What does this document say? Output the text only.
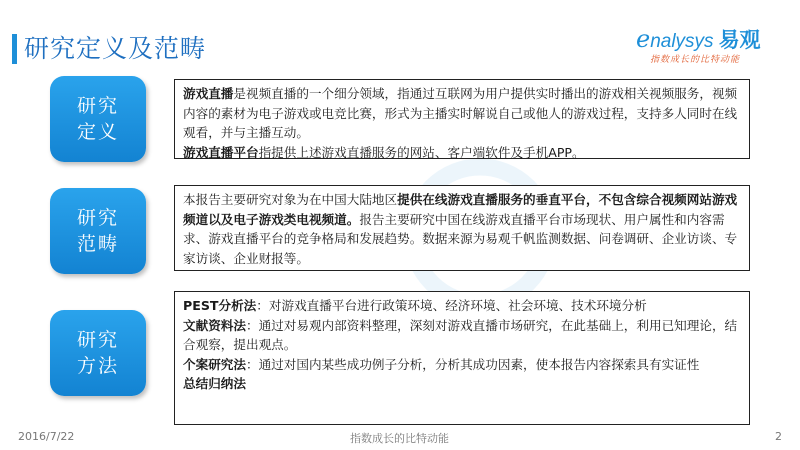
研究定义及范畴	e nalysys 易观
指数成长的比特动能
研究定义

游戏直播是视频直播的一个细分领域，指通过互联网为用户提供实时播出的游戏相关视频服务，视频内容的素材为电子游戏或电竞比赛，形式为主播实时解说自己或他人的游戏过程，支持多人同时在线观看，并与主播互动。

游戏直播平台指提供上述游戏直播服务的网站、客户端软件及手机APP。

研究范畴

本报告主要研究对象为在中国大陆地区提供在线游戏直播服务的垂直平台，不包含综合视频网站游戏频道以及电子游戏类电视频道。报告主要研究中国在线游戏直播平台市场现状、用户属性和内容需求、游戏直播平台的竞争格局和发展趋势。数据来源为易观千帆监测数据、问卷调研、企业访谈、专家访谈、企业财报等。

研究方法

PEST分析法：对游戏直播平台进行政策环境、经济环境、社会环境、技术环境分析

文献资料法：通过对易观内部资料整理，深刻对游戏直播市场研究，在此基础上，利用已知理论，结合观察，提出观点。

个案研究法：通过对国内某些成功例子分析，分析其成功因素，使本报告内容探索具有实证性

总结归纳法

2016/7/22	指数成长的比特动能	2
